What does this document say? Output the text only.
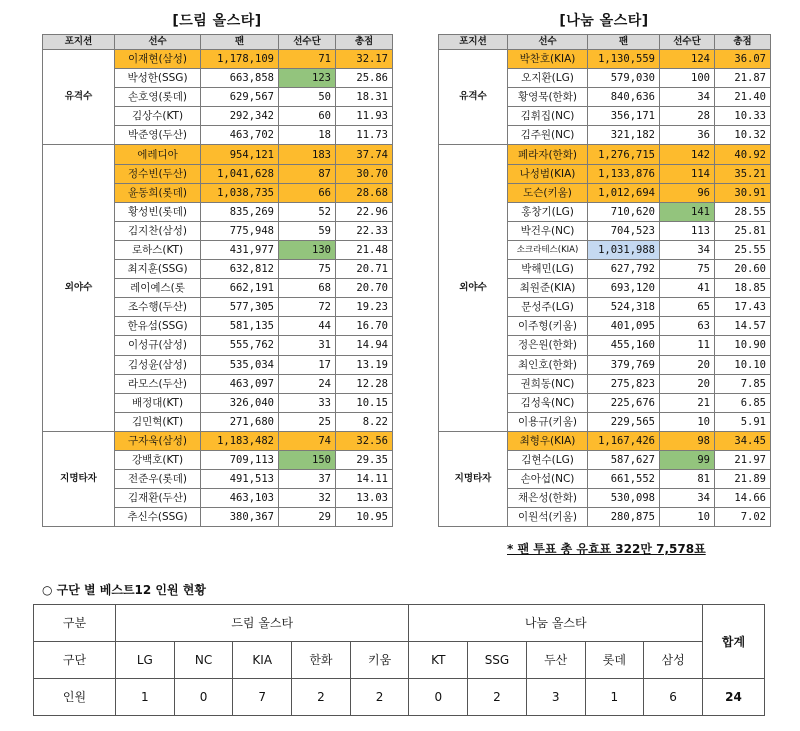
[드림 올스타]
포지션	선수	팬	선수단	총점
유격수	이재현(삼성)	1,178,109	71	32.17
	박성한(SSG)	663,858	123	25.86
	손호영(롯데)	629,567	50	18.31
	김상수(KT)	292,342	60	11.93
	박준영(두산)	463,702	18	11.73
외야수	에레디아	954,121	183	37.74
	정수빈(두산)	1,041,628	87	30.70
	윤동희(롯데)	1,038,735	66	28.68
	황성빈(롯데)	835,269	52	22.96
	김지찬(삼성)	775,948	59	22.33
	로하스(KT)	431,977	130	21.48
	최지훈(SSG)	632,812	75	20.71
	레이예스(롯	662,191	68	20.70
	조수행(두산)	577,305	72	19.23
	한유섬(SSG)	581,135	44	16.70
	이성규(삼성)	555,762	31	14.94
	김성윤(삼성)	535,034	17	13.19
	라모스(두산)	463,097	24	12.28
	배정대(KT)	326,040	33	10.15
	김민혁(KT)	271,680	25	8.22
지명타자	구자욱(삼성)	1,183,482	74	32.56
	강백호(KT)	709,113	150	29.35
	전준우(롯데)	491,513	37	14.11
	김재환(두산)	463,103	32	13.03
	추신수(SSG)	380,367	29	10.95
[나눔 올스타]
포지션	선수	팬	선수단	총점
유격수	박찬호(KIA)	1,130,559	124	36.07
	오지환(LG)	579,030	100	21.87
	황영묵(한화)	840,636	34	21.40
	김휘집(NC)	356,171	28	10.33
	김주원(NC)	321,182	36	10.32
외야수	페라자(한화)	1,276,715	142	40.92
	나성범(KIA)	1,133,876	114	35.21
	도슨(키움)	1,012,694	96	30.91
	홍창기(LG)	710,620	141	28.55
	박건우(NC)	704,523	113	25.81
	소크라테스(KIA)	1,031,988	34	25.55
	박해민(LG)	627,792	75	20.60
	최원준(KIA)	693,120	41	18.85
	문성주(LG)	524,318	65	17.43
	이주형(키움)	401,095	63	14.57
	정은원(한화)	455,160	11	10.90
	최인호(한화)	379,769	20	10.10
	권희동(NC)	275,823	20	7.85
	김성욱(NC)	225,676	21	6.85
	이용규(키움)	229,565	10	5.91
지명타자	최형우(KIA)	1,167,426	98	34.45
	김현수(LG)	587,627	99	21.97
	손아섭(NC)	661,552	81	21.89
	채은성(한화)	530,098	34	14.66
	이원석(키움)	280,875	10	7.02
* 팬 투표 총 유효표 322만 7,578표
○ 구단 별 베스트12 인원 현황
구분	드림 올스타					나눔 올스타					합계
구단	LG	NC	KIA	한화	키움	KT	SSG	두산	롯데	삼성	
인원	1	0	7	2	2	0	2	3	1	6	24
